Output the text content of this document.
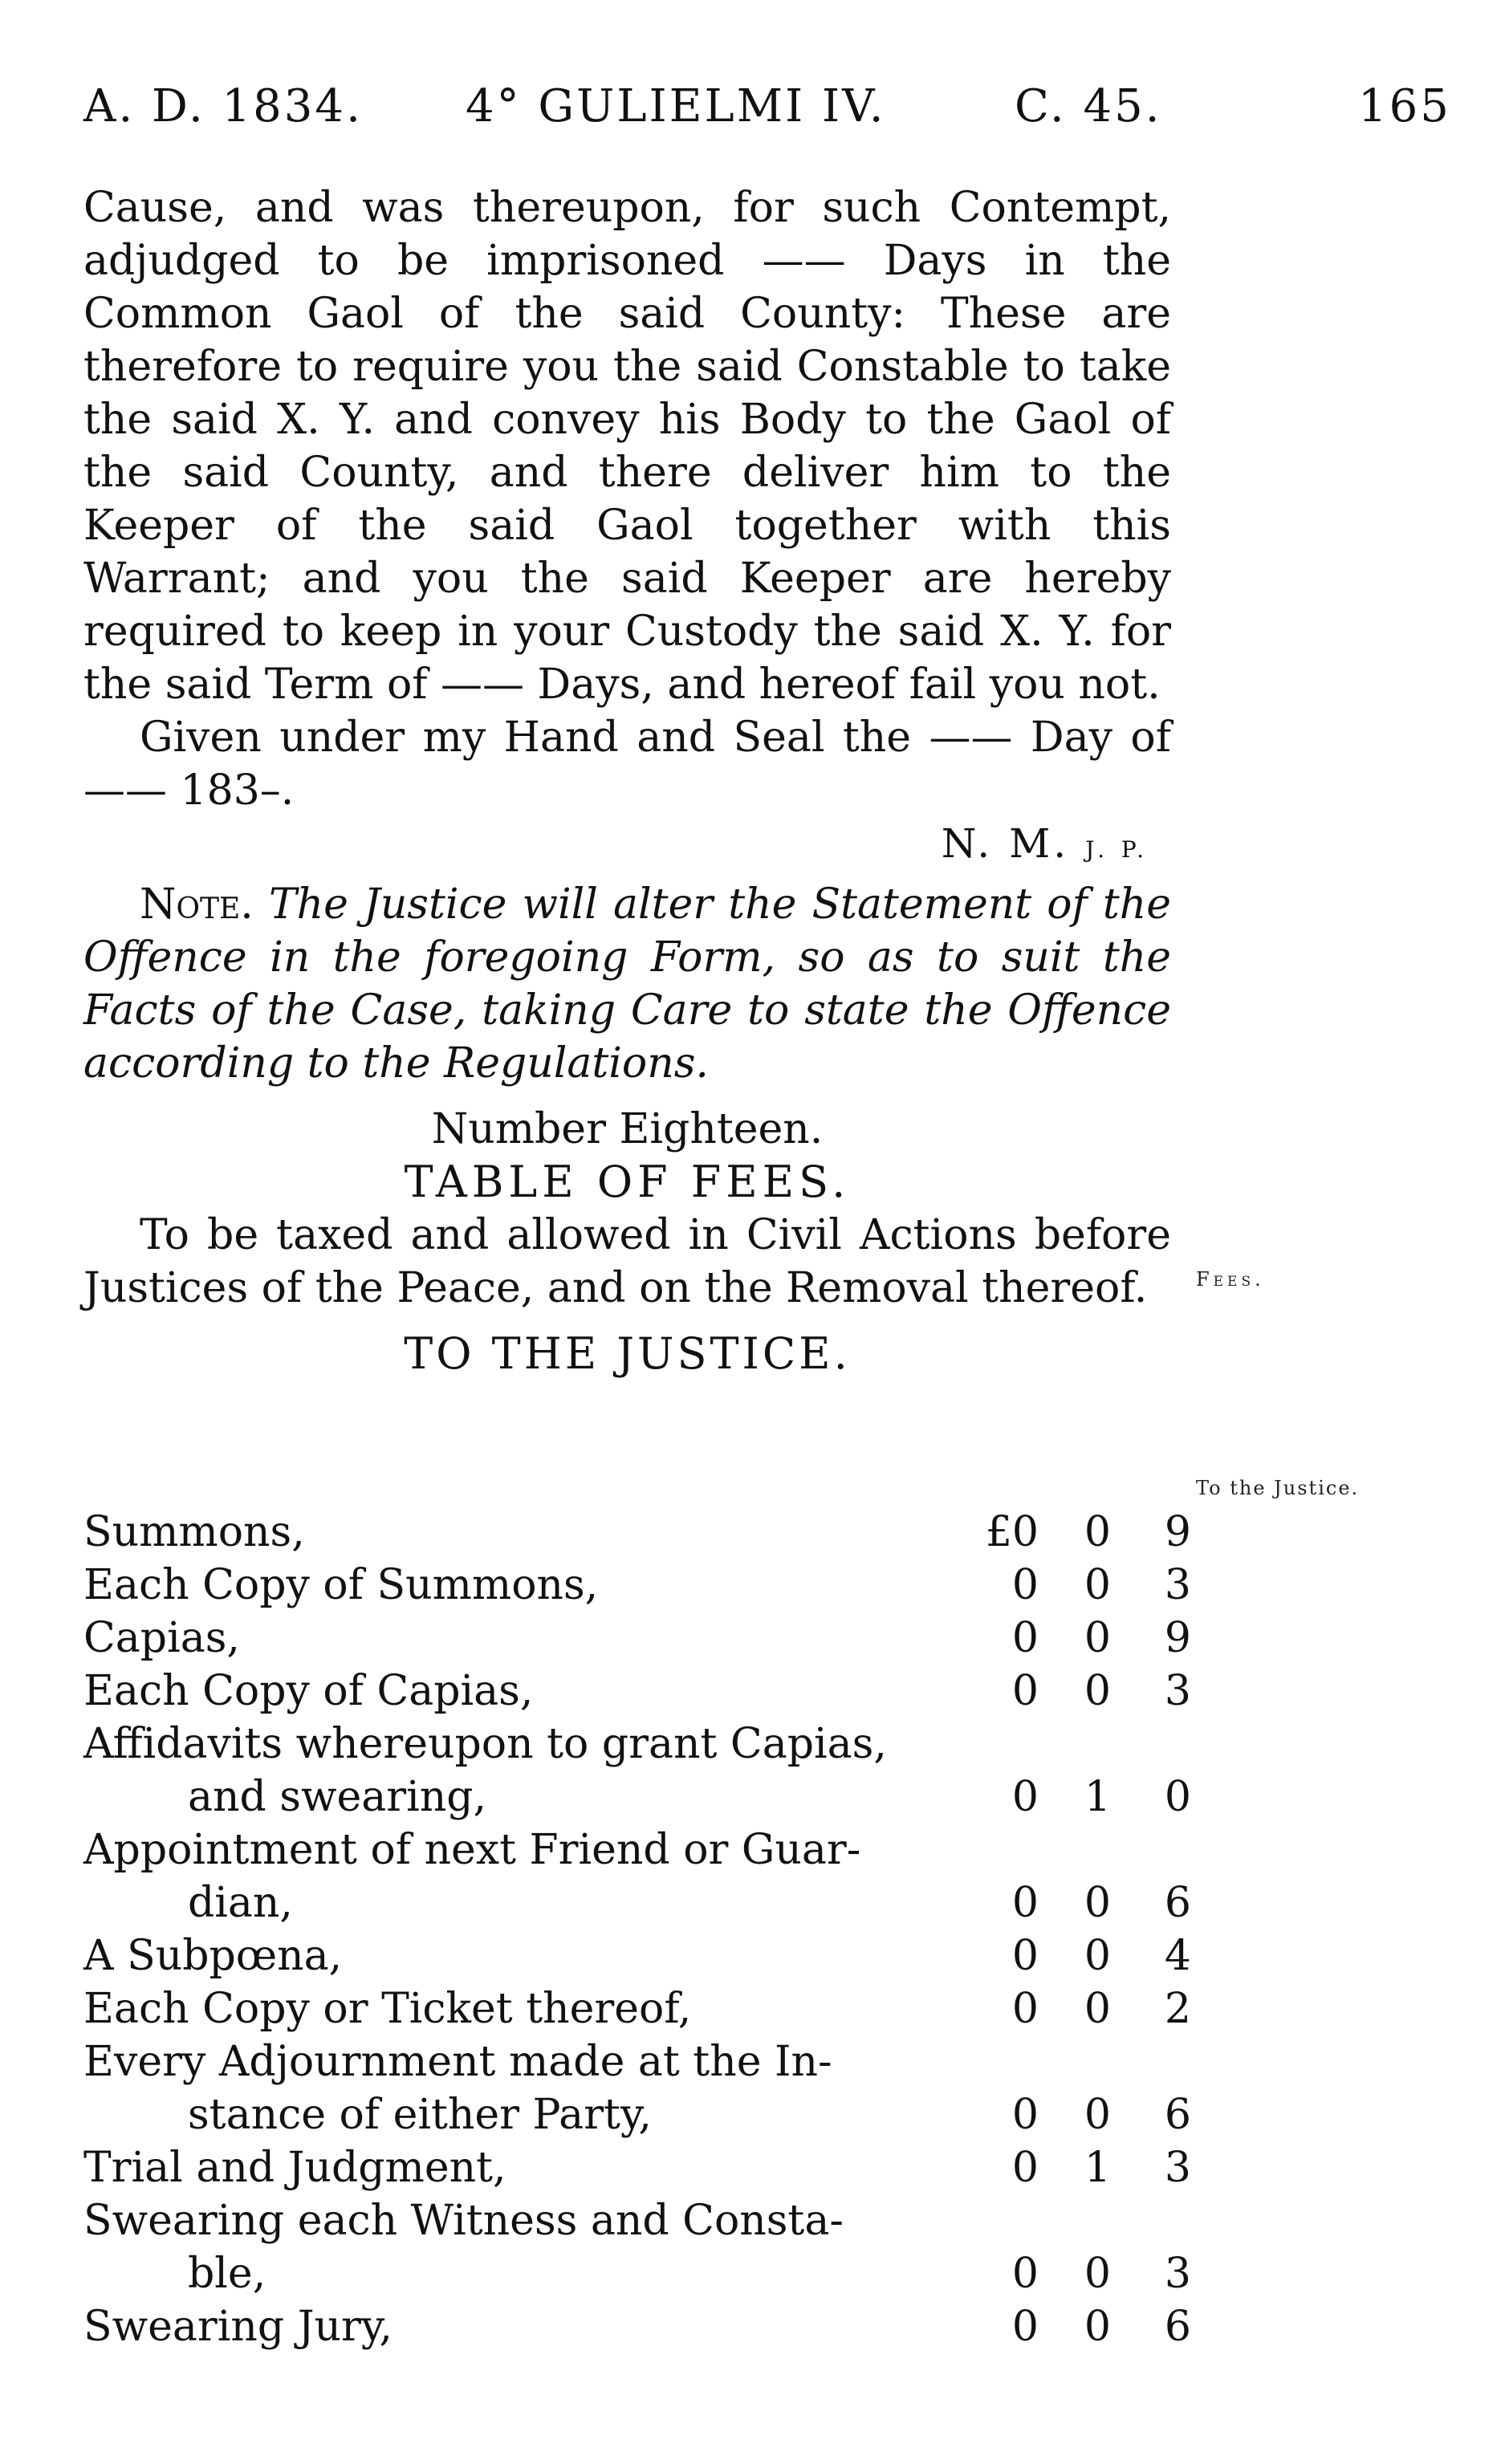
A. D. 1834. 4° GULIELMI IV.	C. 45.	165

Cause, and was thereupon, for such Contempt, adjudged to be imprisoned —— Days in the Common Gaol of the said County: These are therefore to require you the said Constable to take the said X. Y. and convey his Body to the Gaol of the said County, and there deliver him to the Keeper of the said Gaol together with this Warrant; and you the said Keeper are hereby required to keep in your Custody the said X. Y. for the said Term of —— Days, and hereof fail you not.

Given under my Hand and Seal the —— Day of —— 183–.

N. M. J. P.

Note. The Justice will alter the Statement of the Offence in the foregoing Form, so as to suit the Facts of the Case, taking Care to state the Offence according to the Regulations.

Number Eighteen.

TABLE OF FEES.

To be taxed and allowed in Civil Actions before Justices of the Peace, and on the Removal thereof.

TO THE JUSTICE.

Fees.
To the Justice.
Summons,	£0	0	9
Each Copy of Summons,	0	0	3
Capias,	0	0	9
Each Copy of Capias,	0	0	3
Affidavits whereupon to grant Capias,
and swearing,	0	1	0
Appointment of next Friend or Guar-
dian,	0	0	6
A Subpœna,	0	0	4
Each Copy or Ticket thereof,	0	0	2
Every Adjournment made at the In-
stance of either Party,	0	0	6
Trial and Judgment,	0	1	3
Swearing each Witness and Consta-
ble,	0	0	3
Swearing Jury,	0	0	6
